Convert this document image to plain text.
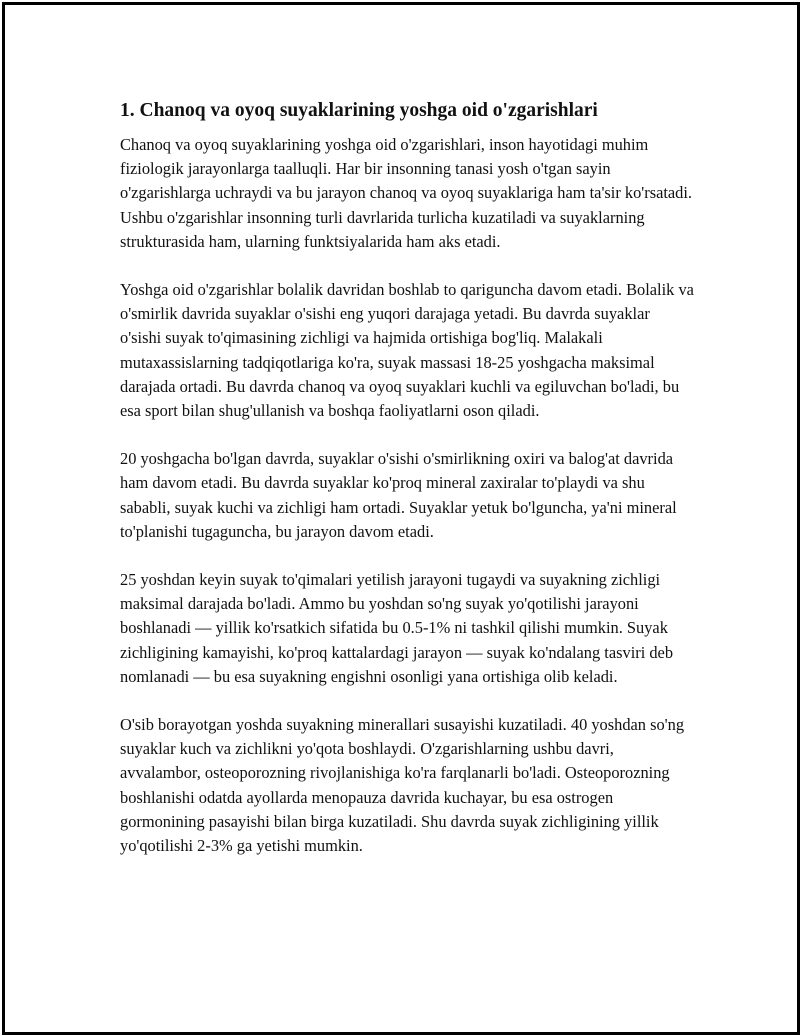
1. Chanoq va oyoq suyaklarining yoshga oid o'zgarishlari

Chanoq va oyoq suyaklarining yoshga oid o'zgarishlari, inson hayotidagi muhim fiziologik jarayonlarga taalluqli. Har bir insonning tanasi yosh o'tgan sayin o'zgarishlarga uchraydi va bu jarayon chanoq va oyoq suyaklariga ham ta'sir ko'rsatadi. Ushbu o'zgarishlar insonning turli davrlarida turlicha kuzatiladi va suyaklarning strukturasida ham, ularning funktsiyalarida ham aks etadi.

Yoshga oid o'zgarishlar bolalik davridan boshlab to qariguncha davom etadi. Bolalik va o'smirlik davrida suyaklar o'sishi eng yuqori darajaga yetadi. Bu davrda suyaklar o'sishi suyak to'qimasining zichligi va hajmida ortishiga bog'liq. Malakali mutaxassislarning tadqiqotlariga ko'ra, suyak massasi 18-25 yoshgacha maksimal darajada ortadi. Bu davrda chanoq va oyoq suyaklari kuchli va egiluvchan bo'ladi, bu esa sport bilan shug'ullanish va boshqa faoliyatlarni oson qiladi.

20 yoshgacha bo'lgan davrda, suyaklar o'sishi o'smirlikning oxiri va balog'at davrida ham davom etadi. Bu davrda suyaklar ko'proq mineral zaxiralar to'playdi va shu sababli, suyak kuchi va zichligi ham ortadi. Suyaklar yetuk bo'lguncha, ya'ni mineral to'planishi tugaguncha, bu jarayon davom etadi.

25 yoshdan keyin suyak to'qimalari yetilish jarayoni tugaydi va suyakning zichligi maksimal darajada bo'ladi. Ammo bu yoshdan so'ng suyak yo'qotilishi jarayoni boshlanadi — yillik ko'rsatkich sifatida bu 0.5-1% ni tashkil qilishi mumkin. Suyak zichligining kamayishi, ko'proq kattalardagi jarayon — suyak ko'ndalang tasviri deb nomlanadi — bu esa suyakning engishni osonligi yana ortishiga olib keladi.

O'sib borayotgan yoshda suyakning minerallari susayishi kuzatiladi. 40 yoshdan so'ng suyaklar kuch va zichlikni yo'qota boshlaydi. O'zgarishlarning ushbu davri, avvalambor, osteoporozning rivojlanishiga ko'ra farqlanarli bo'ladi. Osteoporozning boshlanishi odatda ayollarda menopauza davrida kuchayar, bu esa ostrogen gormonining pasayishi bilan birga kuzatiladi. Shu davrda suyak zichligining yillik yo'qotilishi 2-3% ga yetishi mumkin.
